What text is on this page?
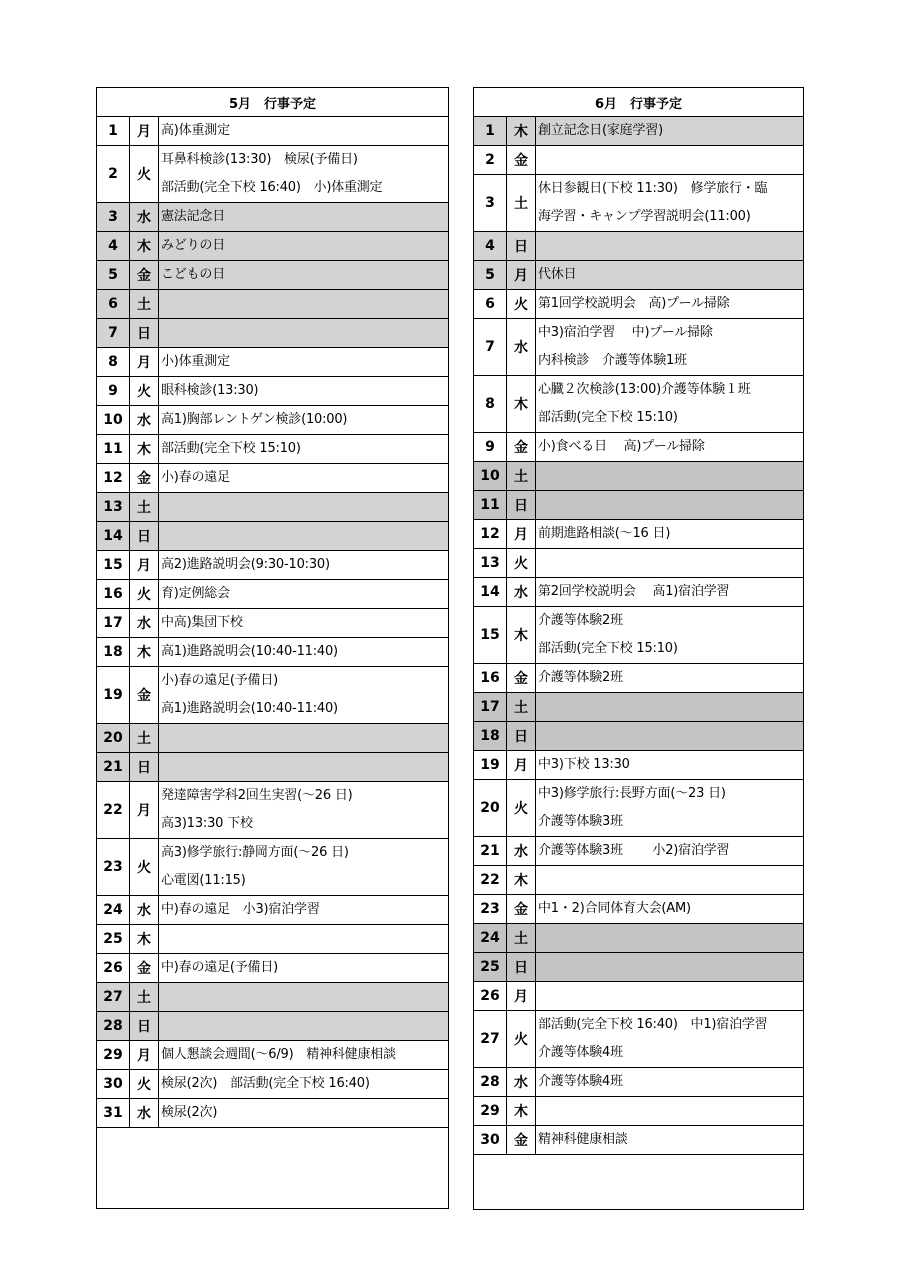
5月　行事予定		
1	月	高)体重測定

2	火	耳鼻科検診(13:30)　検尿(予備日)
部活動(完全下校 16:40)　小)体重測定

3	水	憲法記念日

4	木	みどりの日

5	金	こどもの日

6	土	

7	日	

8	月	小)体重測定

9	火	眼科検診(13:30)

10	水	高1)胸部レントゲン検診(10:00)

11	木	部活動(完全下校 15:10)

12	金	小)春の遠足

13	土	

14	日	

15	月	高2)進路説明会(9:30-10:30)

16	火	育)定例総会

17	水	中高)集団下校

18	木	高1)進路説明会(10:40-11:40)

19	金	小)春の遠足(予備日)
高1)進路説明会(10:40-11:40)

20	土	

21	日	

22	月	発達障害学科2回生実習(～26 日)
高3)13:30 下校

23	火	高3)修学旅行:静岡方面(～26 日)
心電図(11:15)

24	水	中)春の遠足　小3)宿泊学習

25	木	

26	金	中)春の遠足(予備日)

27	土	

28	日	

29	月	個人懇談会週間(～6/9)　精神科健康相談

30	火	検尿(2次)　部活動(完全下校 16:40)

31	水	検尿(2次)

6月　行事予定		
1	木	創立記念日(家庭学習)

2	金	

3	土	休日参観日(下校 11:30)　修学旅行・臨
海学習・キャンプ学習説明会(11:00)

4	日	

5	月	代休日

6	火	第1回学校説明会　高)プール掃除

7	水	中3)宿泊学習　 中)プール掃除
内科検診　介護等体験1班

8	木	心臓２次検診(13:00)介護等体験１班
部活動(完全下校 15:10)

9	金	小)食べる日　 高)プール掃除

10	土	

11	日	

12	月	前期進路相談(～16 日)

13	火	

14	水	第2回学校説明会　 高1)宿泊学習

15	木	介護等体験2班
部活動(完全下校 15:10)

16	金	介護等体験2班

17	土	

18	日	

19	月	中3)下校 13:30

20	火	中3)修学旅行:長野方面(～23 日)
介護等体験3班

21	水	介護等体験3班　　 小2)宿泊学習

22	木	

23	金	中1・2)合同体育大会(AM)

24	土	

25	日	

26	月	

27	火	部活動(完全下校 16:40)　中1)宿泊学習
介護等体験4班

28	水	介護等体験4班

29	木	

30	金	精神科健康相談
